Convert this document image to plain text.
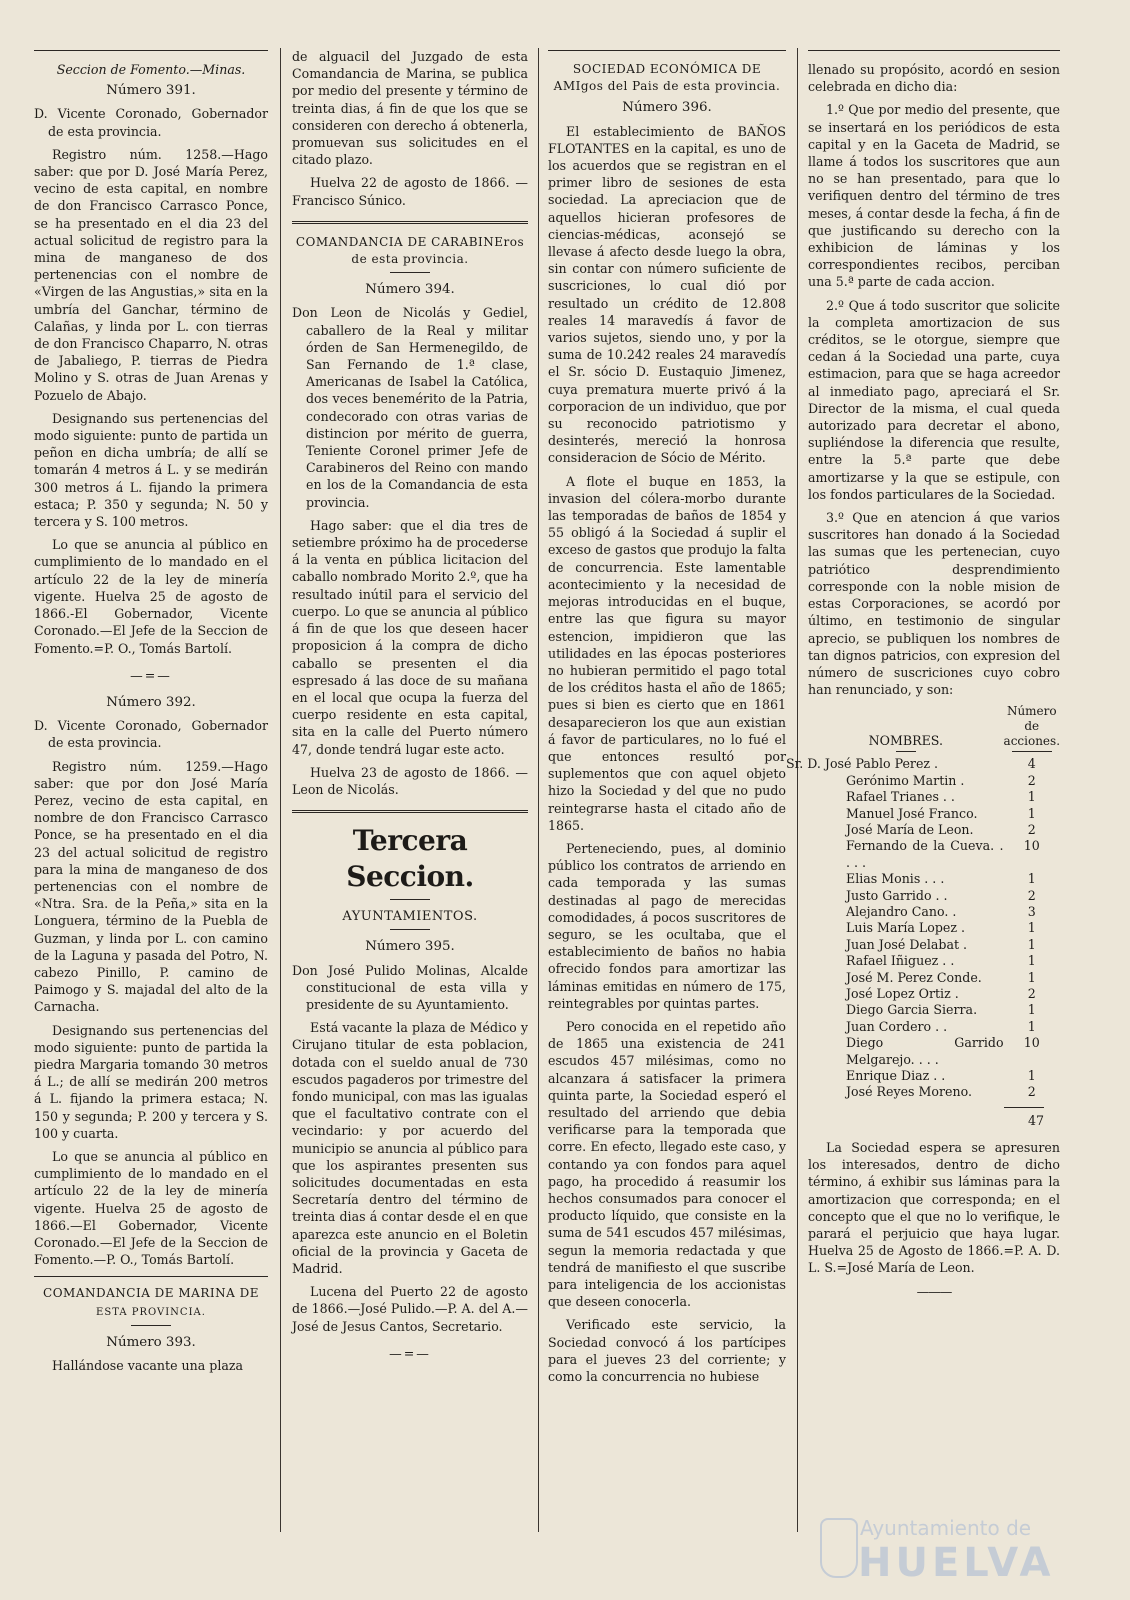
Seccion de Fomento.—Minas.
Número 391.

D. Vicente Coronado, Gobernador de esta provincia.

Registro núm. 1258.—Hago saber: que por D. José María Perez, vecino de esta capital, en nombre de don Francisco Carrasco Ponce, se ha presentado en el dia 23 del actual solicitud de registro para la mina de manganeso de dos pertenencias con el nombre de «Virgen de las Angustias,» sita en la umbría del Ganchar, término de Calañas, y linda por L. con tierras de don Francisco Chaparro, N. otras de Jabaliego, P. tierras de Piedra Molino y S. otras de Juan Arenas y Pozuelo de Abajo.

Designando sus pertenencias del modo siguiente: punto de partida un peñon en dicha umbría; de allí se tomarán 4 metros á L. y se medirán 300 metros á L. fijando la primera estaca; P. 350 y segunda; N. 50 y tercera y S. 100 metros.

Lo que se anuncia al público en cumplimiento de lo mandado en el artículo 22 de la ley de minería vigente. Huelva 25 de agosto de 1866.-El Gobernador, Vicente Coronado.—El Jefe de la Seccion de Fomento.=P. O., Tomás Bartolí.

—=—
Número 392.

D. Vicente Coronado, Gobernador de esta provincia.

Registro núm. 1259.—Hago saber: que por don José María Perez, vecino de esta capital, en nombre de don Francisco Carrasco Ponce, se ha presentado en el dia 23 del actual solicitud de registro para la mina de manganeso de dos pertenencias con el nombre de «Ntra. Sra. de la Peña,» sita en la Longuera, término de la Puebla de Guzman, y linda por L. con camino de la Laguna y pasada del Potro, N. cabezo Pinillo, P. camino de Paimogo y S. majadal del alto de la Carnacha.

Designando sus pertenencias del modo siguiente: punto de partida la piedra Margaria tomando 30 metros á L.; de allí se medirán 200 metros á L. fijando la primera estaca; N. 150 y segunda; P. 200 y tercera y S. 100 y cuarta.

Lo que se anuncia al público en cumplimiento de lo mandado en el artículo 22 de la ley de minería vigente. Huelva 25 de agosto de 1866.—El Gobernador, Vicente Coronado.—El Jefe de la Seccion de Fomento.—P. O., Tomás Bartolí.

COMANDANCIA DE MARINA DE
ESTA PROVINCIA.
Número 393.

Hallándose vacante una plaza

de alguacil del Juzgado de esta Comandancia de Marina, se publica por medio del presente y término de treinta dias, á fin de que los que se consideren con derecho á obtenerla, promuevan sus solicitudes en el citado plazo.

Huelva 22 de agosto de 1866. —Francisco Súnico.

COMANDANCIA DE CARABINEros de esta provincia.
Número 394.

Don Leon de Nicolás y Gediel, caballero de la Real y militar órden de San Hermenegildo, de San Fernando de 1.ª clase, Americanas de Isabel la Católica, dos veces benemérito de la Patria, condecorado con otras varias de distincion por mérito de guerra, Teniente Coronel primer Jefe de Carabineros del Reino con mando en los de la Comandancia de esta provincia.

Hago saber: que el dia tres de setiembre próximo ha de procederse á la venta en pública licitacion del caballo nombrado Morito 2.º, que ha resultado inútil para el servicio del cuerpo. Lo que se anuncia al público á fin de que los que deseen hacer proposicion á la compra de dicho caballo se presenten el dia espresado á las doce de su mañana en el local que ocupa la fuerza del cuerpo residente en esta capital, sita en la calle del Puerto número 47, donde tendrá lugar este acto.

Huelva 23 de agosto de 1866. —Leon de Nicolás.

Tercera Seccion.
AYUNTAMIENTOS.
Número 395.

Don José Pulido Molinas, Alcalde constitucional de esta villa y presidente de su Ayuntamiento.

Está vacante la plaza de Médico y Cirujano titular de esta poblacion, dotada con el sueldo anual de 730 escudos pagaderos por trimestre del fondo municipal, con mas las igualas que el facultativo contrate con el vecindario: y por acuerdo del municipio se anuncia al público para que los aspirantes presenten sus solicitudes documentadas en esta Secretaría dentro del término de treinta dias á contar desde el en que aparezca este anuncio en el Boletin oficial de la provincia y Gaceta de Madrid.

Lucena del Puerto 22 de agosto de 1866.—José Pulido.—P. A. del A.—José de Jesus Cantos, Secretario.

—=—
SOCIEDAD ECONÓMICA DE AMIgos del Pais de esta provincia.
Número 396.

El establecimiento de BAÑOS FLOTANTES en la capital, es uno de los acuerdos que se registran en el primer libro de sesiones de esta sociedad. La apreciacion que de aquellos hicieran profesores de ciencias-médicas, aconsejó se llevase á afecto desde luego la obra, sin contar con número suficiente de suscriciones, lo cual dió por resultado un crédito de 12.808 reales 14 maravedís á favor de varios sujetos, siendo uno, y por la suma de 10.242 reales 24 maravedís el Sr. sócio D. Eustaquio Jimenez, cuya prematura muerte privó á la corporacion de un individuo, que por su reconocido patriotismo y desinterés, mereció la honrosa consideracion de Sócio de Mérito.

A flote el buque en 1853, la invasion del cólera-morbo durante las temporadas de baños de 1854 y 55 obligó á la Sociedad á suplir el exceso de gastos que produjo la falta de concurrencia. Este lamentable acontecimiento y la necesidad de mejoras introducidas en el buque, entre las que figura su mayor estencion, impidieron que las utilidades en las épocas posteriores no hubieran permitido el pago total de los créditos hasta el año de 1865; pues si bien es cierto que en 1861 desaparecieron los que aun existian á favor de particulares, no lo fué el que entonces resultó por suplementos que con aquel objeto hizo la Sociedad y del que no pudo reintegrarse hasta el citado año de 1865.

Perteneciendo, pues, al dominio público los contratos de arriendo en cada temporada y las sumas destinadas al pago de merecidas comodidades, á pocos suscritores de seguro, se les ocultaba, que el establecimiento de baños no habia ofrecido fondos para amortizar las láminas emitidas en número de 175, reintegrables por quintas partes.

Pero conocida en el repetido año de 1865 una existencia de 241 escudos 457 milésimas, como no alcanzara á satisfacer la primera quinta parte, la Sociedad esperó el resultado del arriendo que debia verificarse para la temporada que corre. En efecto, llegado este caso, y contando ya con fondos para aquel pago, ha procedido á reasumir los hechos consumados para conocer el producto líquido, que consiste en la suma de 541 escudos 457 milésimas, segun la memoria redactada y que tendrá de manifiesto el que suscribe para inteligencia de los accionistas que deseen conocerla.

Verificado este servicio, la Sociedad convocó á los partícipes para el jueves 23 del corriente; y como la concurrencia no hubiese

llenado su propósito, acordó en sesion celebrada en dicho dia:

1.º Que por medio del presente, que se insertará en los periódicos de esta capital y en la Gaceta de Madrid, se llame á todos los suscritores que aun no se han presentado, para que lo verifiquen dentro del término de tres meses, á contar desde la fecha, á fin de que justificando su derecho con la exhibicion de láminas y los correspondientes recibos, perciban una 5.ª parte de cada accion.

2.º Que á todo suscritor que solicite la completa amortizacion de sus créditos, se le otorgue, siempre que cedan á la Sociedad una parte, cuya estimacion, para que se haga acreedor al inmediato pago, apreciará el Sr. Director de la misma, el cual queda autorizado para decretar el abono, supliéndose la diferencia que resulte, entre la 5.ª parte que debe amortizarse y la que se estipule, con los fondos particulares de la Sociedad.

3.º Que en atencion á que varios suscritores han donado á la Sociedad las sumas que les pertenecian, cuyo patriótico desprendimiento corresponde con la noble mision de estas Corporaciones, se acordó por último, en testimonio de singular aprecio, se publiquen los nombres de tan dignos patricios, con expresion del número de suscriciones cuyo cobro han renunciado, y son:

NOMBRES.	Número de acciones.

Sr. D. José Pablo Perez .	4
Gerónimo Martin .	2
Rafael Trianes . .	1
Manuel José Franco.	1
José María de Leon.	2
Fernando de la Cueva. . . . .	10
Elias Monis . . .	1
Justo Garrido . .	2
Alejandro Cano. .	3
Luis María Lopez .	1
Juan José Delabat .	1
Rafael Iñiguez . .	1
José M. Perez Conde.	1
José Lopez Ortiz .	2
Diego Garcia Sierra.	1
Juan Cordero . .	1
Diego Garrido Melgarejo. . . .	10
Enrique Diaz . .	1
José Reyes Moreno.	2
47

La Sociedad espera se apresuren los interesados, dentro de dicho término, á exhibir sus láminas para la amortizacion que corresponda; en el concepto que el que no lo verifique, le parará el perjuicio que haya lugar. Huelva 25 de Agosto de 1866.=P. A. D. L. S.=José María de Leon.

———
Ayuntamiento de
HUELVA
